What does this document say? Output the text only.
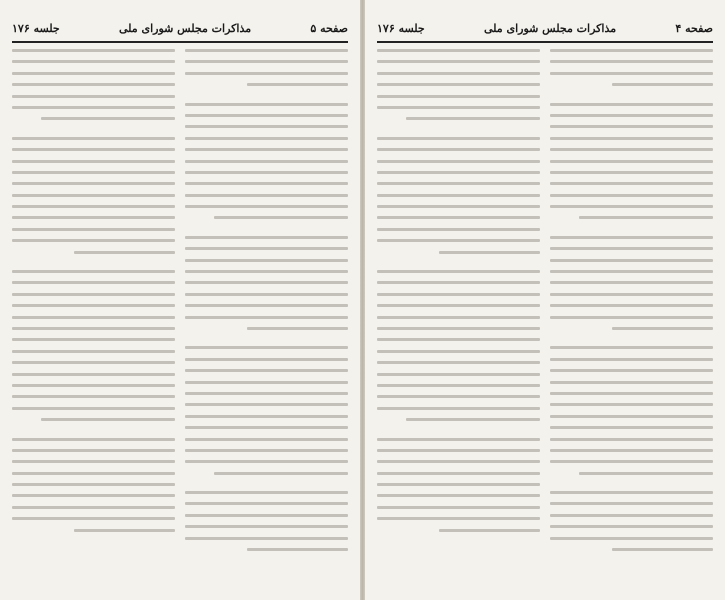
صفحه ۵
مذاکرات مجلس شورای ملی
جلسه ۱۷۶	صفحه ۴
مذاکرات مجلس شورای ملی
جلسه ۱۷۶
